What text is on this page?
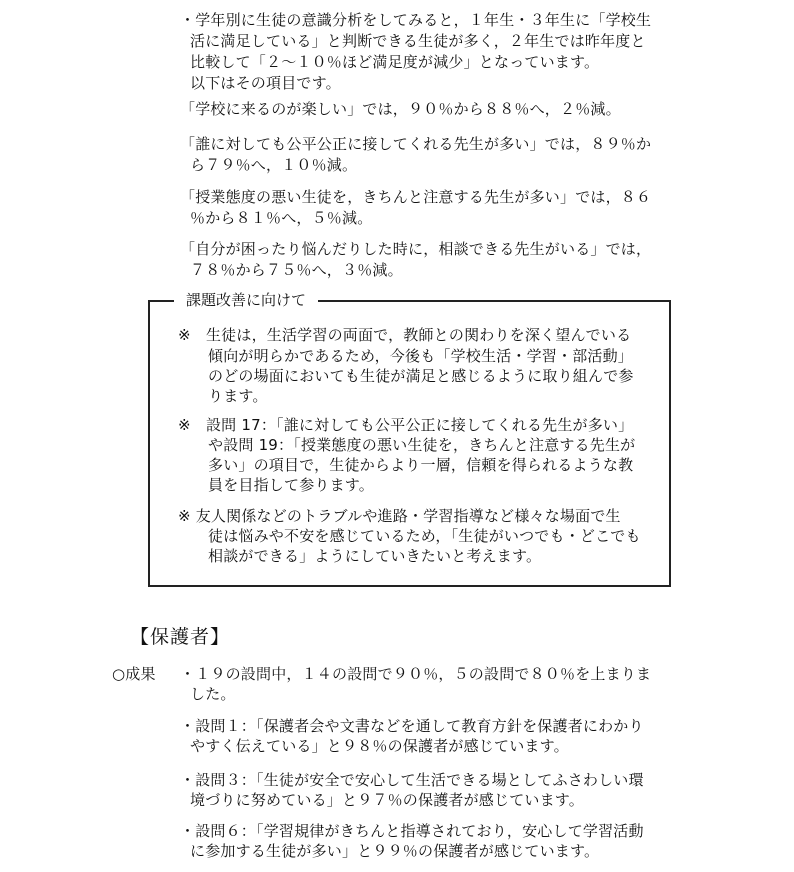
・学年別に生徒の意識分析をしてみると，１年生・３年生に「学校生
活に満足している」と判断できる生徒が多く，２年生では昨年度と
比較して「２～１０％ほど満足度が減少」となっています。
以下はその項目です。
「学校に来るのが楽しい」では，９０％から８８％へ，２％減。
「誰に対しても公平公正に接してくれる先生が多い」では，８９％か
ら７９％へ，１０％減。
「授業態度の悪い生徒を，きちんと注意する先生が多い」では，８６
％から８１％へ，５％減。
「自分が困ったり悩んだりした時に，相談できる先生がいる」では，
７８％から７５％へ，３％減。
課題改善に向けて
※　生徒は，生活学習の両面で，教師との関わりを深く望んでいる
傾向が明らかであるため，今後も「学校生活・学習・部活動」
のどの場面においても生徒が満足と感じるように取り組んで参
ります。
※　設問 17：「誰に対しても公平公正に接してくれる先生が多い」
や設問 19：「授業態度の悪い生徒を，きちんと注意する先生が
多い」の項目で，生徒からより一層，信頼を得られるような教
員を目指して参ります。
※ 友人関係などのトラブルや進路・学習指導など様々な場面で生
徒は悩みや不安を感じているため，「生徒がいつでも・どこでも
相談ができる」ようにしていきたいと考えます。
【保護者】
○成果 ・１９の設問中，１４の設問で９０％，５の設問で８０％を上まりま
した。
・設問１：「保護者会や文書などを通して教育方針を保護者にわかり
やすく伝えている」と９８％の保護者が感じています。
・設問３：「生徒が安全で安心して生活できる場としてふさわしい環
境づりに努めている」と９７％の保護者が感じています。
・設問６：「学習規律がきちんと指導されており，安心して学習活動
に参加する生徒が多い」と９９％の保護者が感じています。
